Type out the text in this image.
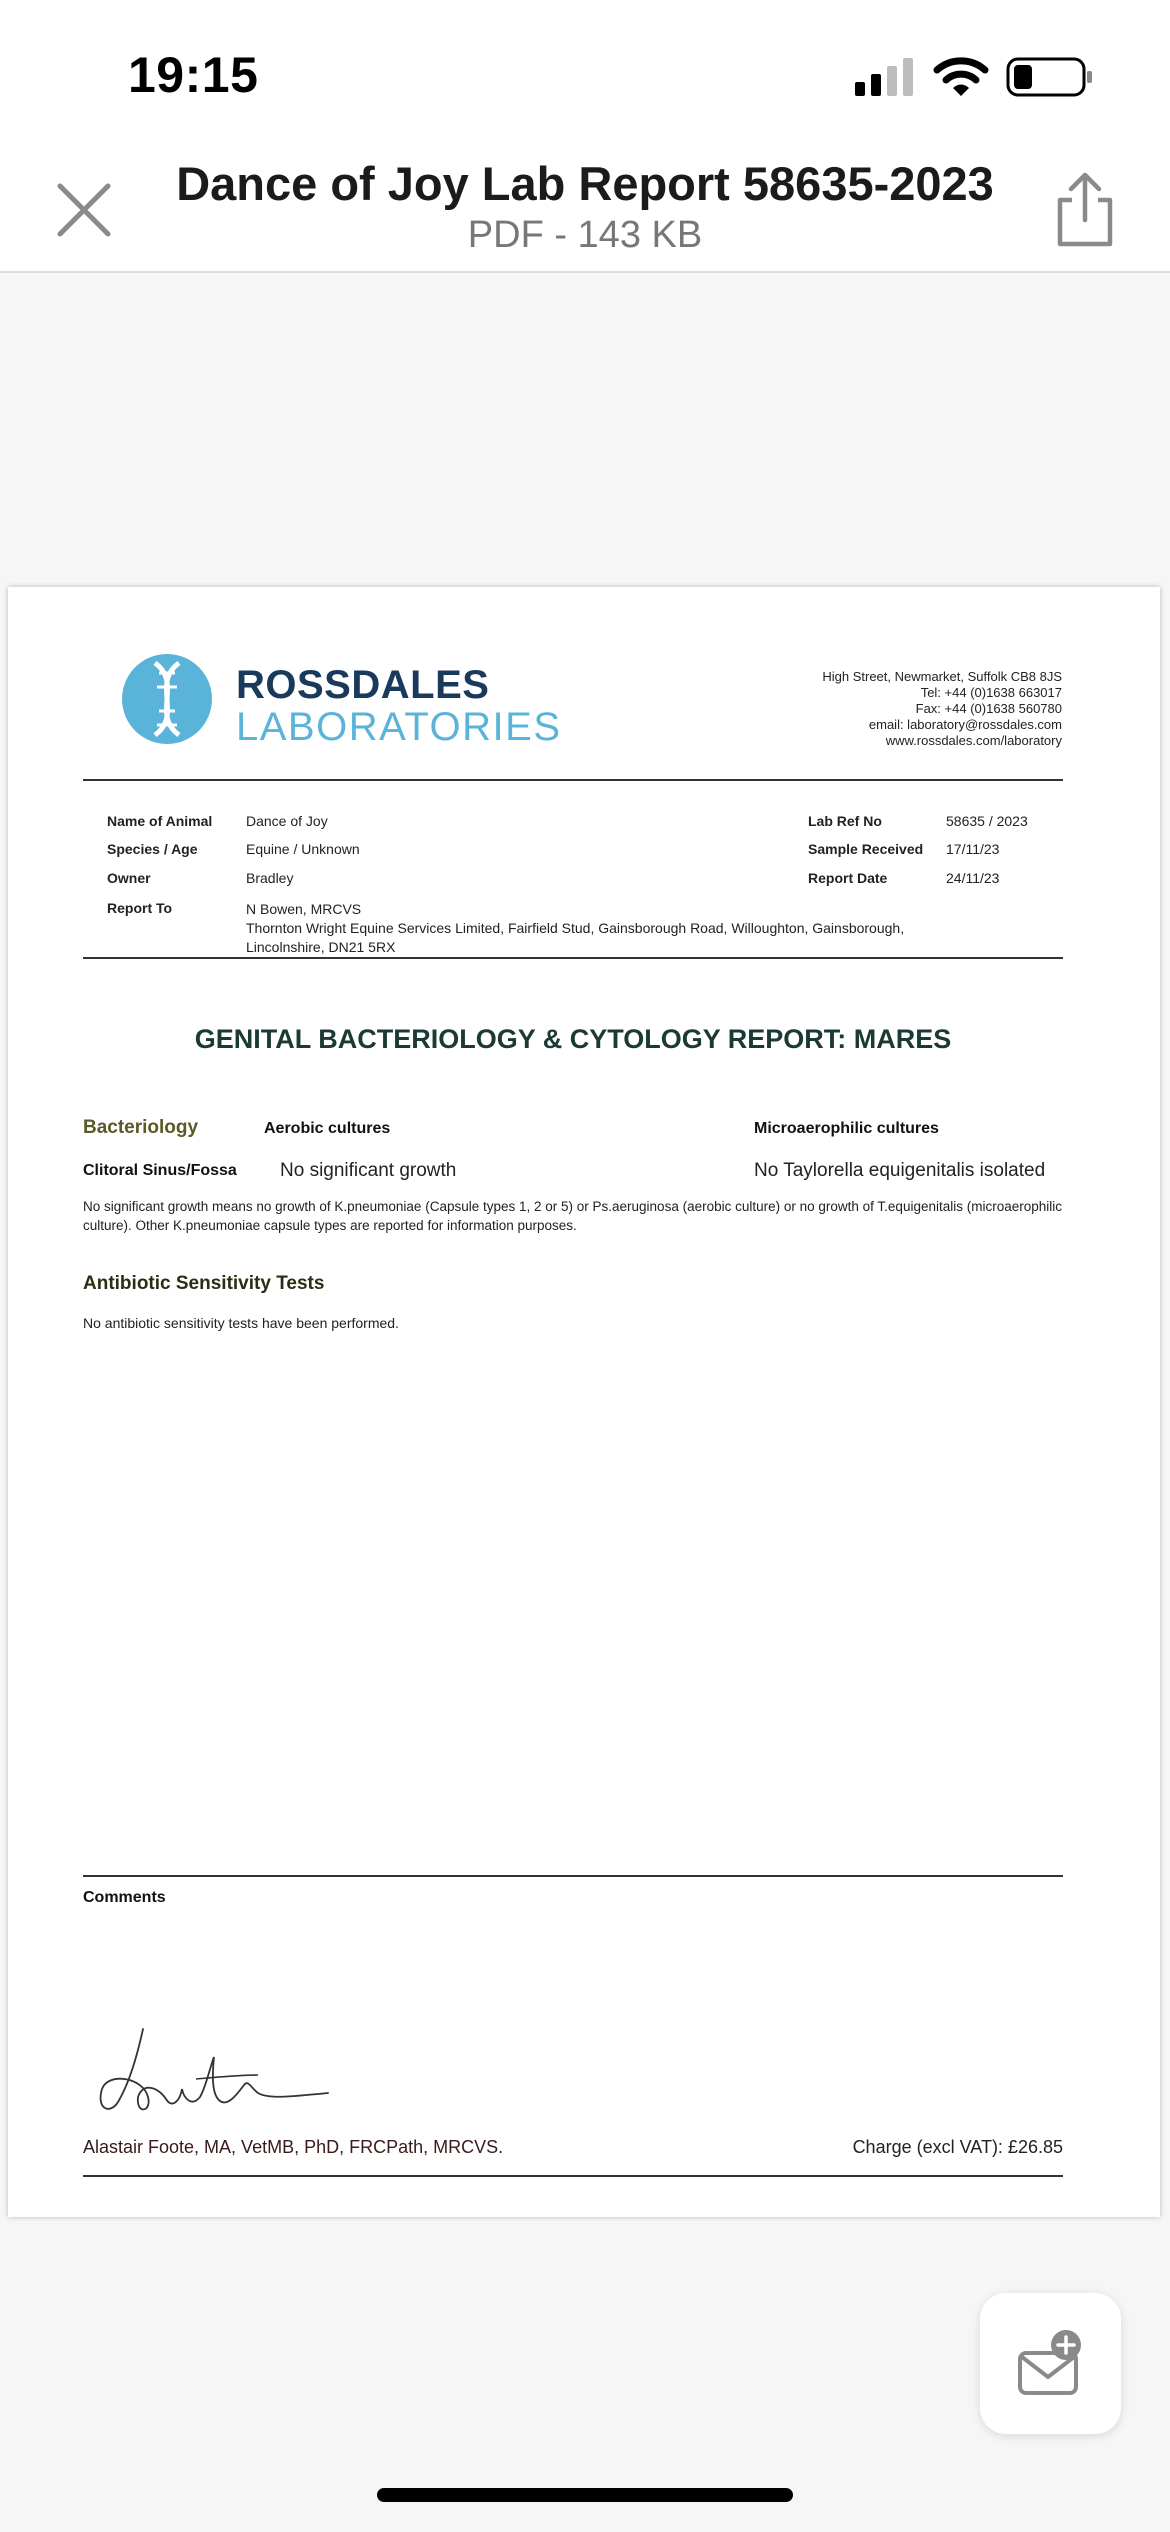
19:15
Dance of Joy Lab Report 58635-2023
PDF - 143 KB
ROSSDALES
LABORATORIES
High Street, Newmarket, Suffolk CB8 8JS
Tel: +44 (0)1638 663017
Fax: +44 (0)1638 560780
email: laboratory@rossdales.com
www.rossdales.com/laboratory
Name of Animal Dance of Joy
Species / Age	Equine / Unknown
Owner	Bradley
Report To	N Bowen, MRCVS
Thornton Wright Equine Services Limited, Fairfield Stud, Gainsborough Road, Willoughton, Gainsborough,
Lincolnshire, DN21 5RX
Lab Ref No	58635 / 2023
Sample Received 17/11/23
Report Date	24/11/23
GENITAL BACTERIOLOGY & CYTOLOGY REPORT: MARES
Bacteriology	Aerobic cultures	Microaerophilic cultures
Clitoral Sinus/Fossa No significant growth	No Taylorella equigenitalis isolated
No significant growth means no growth of K.pneumoniae (Capsule types 1, 2 or 5) or Ps.aeruginosa (aerobic culture) or no growth of T.equigenitalis (microaerophilic culture). Other K.pneumoniae capsule types are reported for information purposes.
Antibiotic Sensitivity Tests
No antibiotic sensitivity tests have been performed.
Comments
Alastair Foote, MA, VetMB, PhD, FRCPath, MRCVS.	Charge (excl VAT): £26.85
